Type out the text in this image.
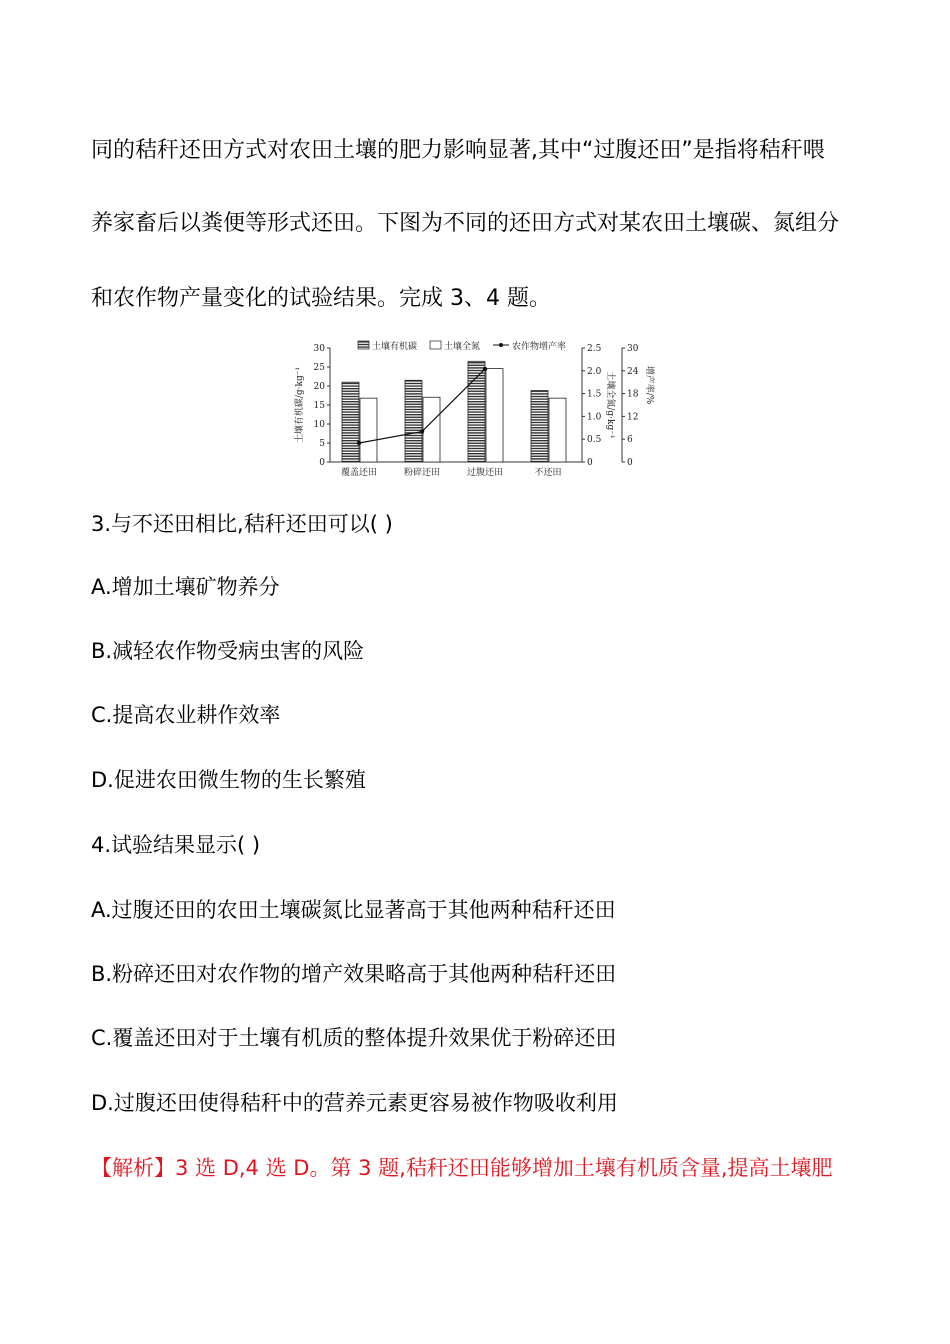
同的秸秆还田方式对农田土壤的肥力影响显著,其中“过腹还田”是指将秸秆喂
养家畜后以粪便等形式还田。下图为不同的还田方式对某农田土壤碳、氮组分
和农作物产量变化的试验结果。完成 3、4 题。
0
5
10
15
20
25
30
0
0.5
1.0
1.5
2.0
2.5
0
6
12
18
24
30
土壤有机碳/g·kg⁻¹	土壤全氮/g·kg⁻¹	增产率/%
覆盖还田	粉碎还田	过腹还田	不还田
土壤有机碳	土壤全氮	农作物增产率
3.与不还田相比,秸秆还田可以( )
A.增加土壤矿物养分
B.减轻农作物受病虫害的风险
C.提高农业耕作效率
D.促进农田微生物的生长繁殖
4.试验结果显示( )
A.过腹还田的农田土壤碳氮比显著高于其他两种秸秆还田
B.粉碎还田对农作物的增产效果略高于其他两种秸秆还田
C.覆盖还田对于土壤有机质的整体提升效果优于粉碎还田
D.过腹还田使得秸秆中的营养元素更容易被作物吸收利用
【解析】3 选 D,4 选 D。第 3 题,秸秆还田能够增加土壤有机质含量,提高土壤肥
